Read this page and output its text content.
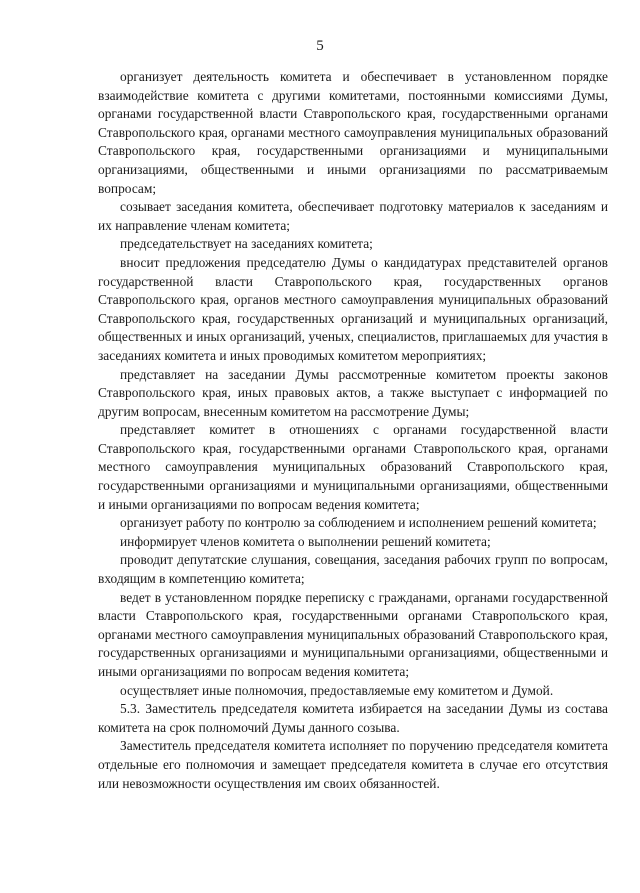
5

организует деятельность комитета и обеспечивает в установленном порядке взаимодействие комитета с другими комитетами, постоянными комиссиями Думы, органами государственной власти Ставропольского края, государственными органами Ставропольского края, органами местного самоуправления муниципальных образований Ставропольского края, государственными организациями и муниципальными организациями, общественными и иными организациями по рассматриваемым вопросам;

созывает заседания комитета, обеспечивает подготовку материалов к заседаниям и их направление членам комитета;

председательствует на заседаниях комитета;

вносит предложения председателю Думы о кандидатурах представителей органов государственной власти Ставропольского края, государственных органов Ставропольского края, органов местного самоуправления муниципальных образований Ставропольского края, государственных организаций и муниципальных организаций, общественных и иных организаций, ученых, специалистов, приглашаемых для участия в заседаниях комитета и иных проводимых комитетом мероприятиях;

представляет на заседании Думы рассмотренные комитетом проекты законов Ставропольского края, иных правовых актов, а также выступает с информацией по другим вопросам, внесенным комитетом на рассмотрение Думы;

представляет комитет в отношениях с органами государственной власти Ставропольского края, государственными органами Ставропольского края, органами местного самоуправления муниципальных образований Ставропольского края, государственными организациями и муниципальными организациями, общественными и иными организациями по вопросам ведения комитета;

организует работу по контролю за соблюдением и исполнением решений комитета;

информирует членов комитета о выполнении решений комитета;

проводит депутатские слушания, совещания, заседания рабочих групп по вопросам, входящим в компетенцию комитета;

ведет в установленном порядке переписку с гражданами, органами государственной власти Ставропольского края, государственными органами Ставропольского края, органами местного самоуправления муниципальных образований Ставропольского края, государственных организациями и муниципальными организациями, общественными и иными организациями по вопросам ведения комитета;

осуществляет иные полномочия, предоставляемые ему комитетом и Думой.

5.3. Заместитель председателя комитета избирается на заседании Думы из состава комитета на срок полномочий Думы данного созыва.

Заместитель председателя комитета исполняет по поручению председателя комитета отдельные его полномочия и замещает председателя комитета в случае его отсутствия или невозможности осуществления им своих обязанностей.
